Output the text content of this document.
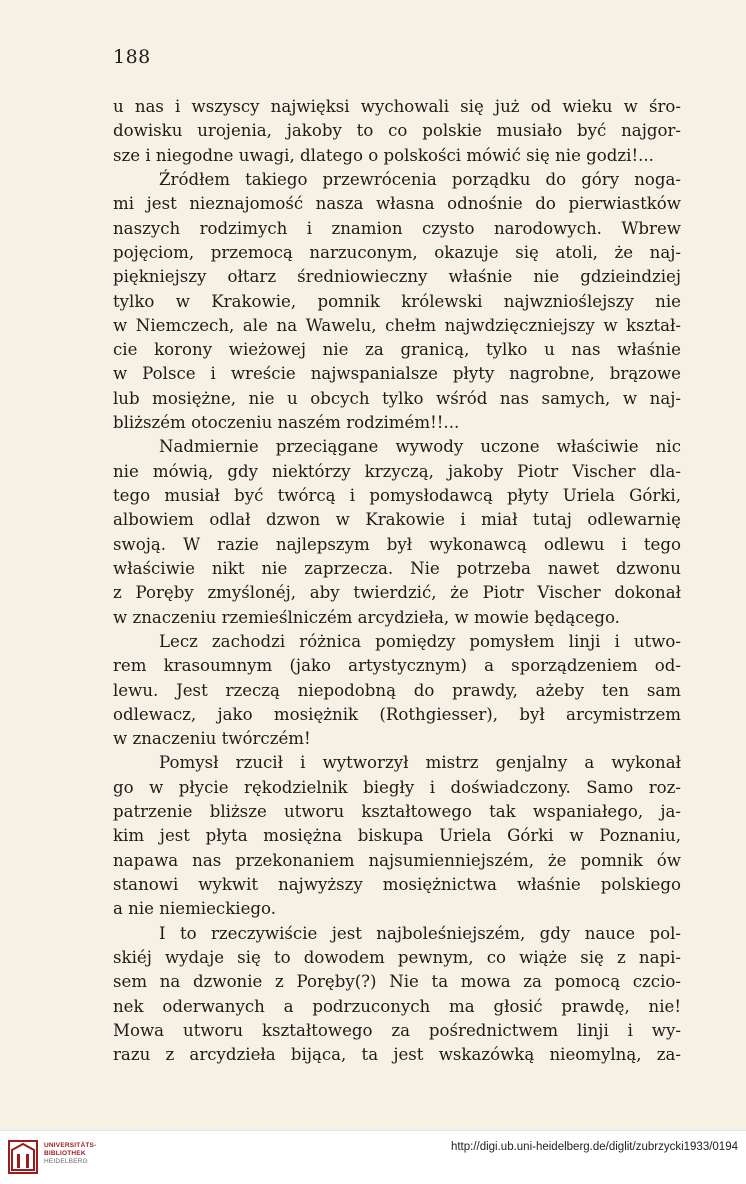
188
u nas i wszyscy najwięksi wychowali się już od wieku w śro-
dowisku urojenia, jakoby to co polskie musiało być najgor-
sze i niegodne uwagi, dlatego o polskości mówić się nie godzi!...
Źródłem takiego przewrócenia porządku do góry noga-
mi jest nieznajomość nasza własna odnośnie do pierwiastków
naszych rodzimych i znamion czysto narodowych. Wbrew
pojęciom, przemocą narzuconym, okazuje się atoli, że naj-
piękniejszy ołtarz średniowieczny właśnie nie gdzieindziej
tylko w Krakowie, pomnik królewski najwznioślejszy nie
w Niemczech, ale na Wawelu, chełm najwdzięczniejszy w kształ-
cie korony wieżowej nie za granicą, tylko u nas właśnie
w Polsce i wreście najwspanialsze płyty nagrobne, brązowe
lub mosiężne, nie u obcych tylko wśród nas samych, w naj-
bliższém otoczeniu naszém rodzimém!!...
Nadmiernie przeciągane wywody uczone właściwie nic
nie mówią, gdy niektórzy krzyczą, jakoby Piotr Vischer dla-
tego musiał być twórcą i pomysłodawcą płyty Uriela Górki,
albowiem odlał dzwon w Krakowie i miał tutaj odlewarnię
swoją. W razie najlepszym był wykonawcą odlewu i tego
właściwie nikt nie zaprzecza. Nie potrzeba nawet dzwonu
z Poręby zmyślonéj, aby twierdzić, że Piotr Vischer dokonał
w znaczeniu rzemieślniczém arcydzieła, w mowie będącego.
Lecz zachodzi różnica pomiędzy pomysłem linji i utwo-
rem krasoumnym (jako artystycznym) a sporządzeniem od-
lewu. Jest rzeczą niepodobną do prawdy, ażeby ten sam
odlewacz, jako mosiężnik (Rothgiesser), był arcymistrzem
w znaczeniu twórczém!
Pomysł rzucił i wytworzył mistrz genjalny a wykonał
go w płycie rękodzielnik biegły i doświadczony. Samo roz-
patrzenie bliższe utworu kształtowego tak wspaniałego, ja-
kim jest płyta mosiężna biskupa Uriela Górki w Poznaniu,
napawa nas przekonaniem najsumienniejszém, że pomnik ów
stanowi wykwit najwyższy mosiężnictwa właśnie polskiego
a nie niemieckiego.
I to rzeczywiście jest najboleśniejszém, gdy nauce pol-
skiéj wydaje się to dowodem pewnym, co wiąże się z napi-
sem na dzwonie z Poręby(?) Nie ta mowa za pomocą czcio-
nek oderwanych a podrzuconych ma głosić prawdę, nie!
Mowa utworu kształtowego za pośrednictwem linji i wy-
razu z arcydzieła bijąca, ta jest wskazówką nieomylną, za-
UNIVERSITÄTS-
BIBLIOTHEK
HEIDELBERG
http://digi.ub.uni-heidelberg.de/diglit/zubrzycki1933/0194
